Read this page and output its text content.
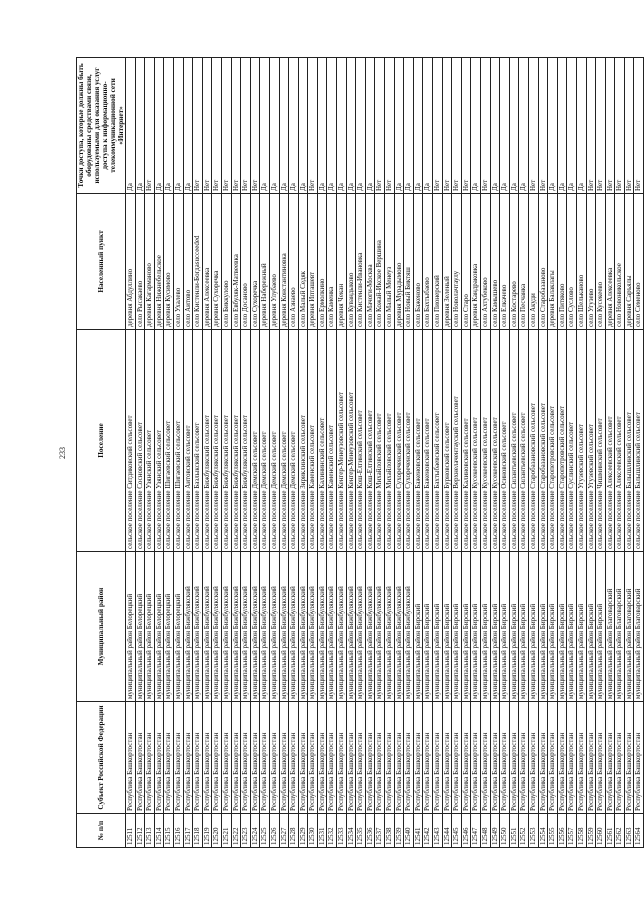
233
№ п/п	Субъект Российской Федерации	Муниципальный район	Поселение	Населенный пункт	Точки доступа, которые должны быть оборудованы средствами связи, используемыми для оказания услуг доступа к информационно-телекоммуникационной сети «Интернет»
12511	Республика Башкортостан	муниципальный район Белорецкий	сельское поселение Ситдиковский сельсовет	деревня Абдуллино	Да
12512	Республика Башкортостан	муниципальный район Белорецкий	сельское поселение Сосновский сельсовет	село Рысакаево	Да
12513	Республика Башкортостан	муниципальный район Белорецкий	сельское поселение Узянский сельсовет	деревня Кагарманово	Нет
12514	Республика Башкортостан	муниципальный район Белорецкий	сельское поселение Узянский сельсовет	деревня Нижнебельское	Да
12515	Республика Башкортостан	муниципальный район Белорецкий	сельское поселение Шигаевский сельсовет	деревня Кусимово	Да
12516	Республика Башкортостан	муниципальный район Белорецкий	сельское поселение Шигаевский сельсовет	село Ухалево	Да
12517	Республика Башкортостан	муниципальный район Бижбулякский	сельское поселение Аитовский сельсовет	село Аитово	Да
12518	Республика Башкортостан	муниципальный район Бижбулякский	сельское поселение Базлыкский сельсовет	село Кистенли-Богдаsucceeded	Нет
12519	Республика Башкортостан	муниципальный район Бижбулякский	сельское поселение Бижбулякский сельсовет	деревня Алексеевка	Нет
12520	Республика Башкортостан	муниципальный район Бижбулякский	сельское поселение Бижбулякский сельсовет	деревня Сухоречка	Нет
12521	Республика Башкортостан	муниципальный район Бижбулякский	сельское поселение Бижбулякский сельсовет	село Биккулово	Нет
12522	Республика Башкортостан	муниципальный район Бижбулякский	сельское поселение Бижбулякский сельсовет	село Евбуляк-Матвеевка	Нет
12523	Республика Башкортостан	муниципальный район Бижбулякский	сельское поселение Бижбулякский сельсовет	село Досаново	Нет
12524	Республика Башкортостан	муниципальный район Бижбулякский	сельское поселение Демский сельсовет	село Сухоречка	Нет
12525	Республика Башкортостан	муниципальный район Бижбулякский	сельское поселение Демский сельсовет	деревня Набережный	Да
12526	Республика Башкортостан	муниципальный район Бижбулякский	сельское поселение Демский сельсовет	деревня Улубаево	Да
12527	Республика Башкортостан	муниципальный район Бижбулякский	сельское поселение Демский сельсовет	деревня Константиновка	Да
12528	Республика Башкортостан	муниципальный район Бижбулякский	сельское поселение Демский сельсовет	село Азнаево	Да
12529	Республика Башкортостан	муниципальный район Бижбулякский	сельское поселение Зириклинский сельсовет	село Малый Седяк	Да
12530	Республика Башкортостан	муниципальный район Бижбулякский	сельское поселение Каменский сельсовет	деревня Ипташевт	Нет
12531	Республика Башкортостан	муниципальный район Бижбулякский	сельское поселение Калининский сельсовет	село Ермолкино	Да
12532	Республика Башкортостан	муниципальный район Бижбулякский	сельское поселение Каменский сельсовет	село Каменка	Да
12533	Республика Башкортостан	муниципальный район Бижбулякский	сельское поселение Кенгер-Менеузовский сельсовет	деревня Чекан	Да
12534	Республика Башкортостан	муниципальный район Бижбулякский	сельское поселение Кенгер-Менеузовский сельсовет	село Кувандыково	Да
12535	Республика Башкортостан	муниципальный район Бижбулякский	сельское поселение Кош-Елгинский сельсовет	село Кистенли-Ивановка	Да
12536	Республика Башкортостан	муниципальный район Бижбулякский	сельское поселение Кош-Елгинский сельсовет	село Мачоги-Москва	Да
12537	Республика Башкортостан	муниципальный район Бижбулякский	сельское поселение Михайловский сельсовет	село Кожай-Икское Вершина	Нет
12538	Республика Башкортостан	муниципальный район Бижбулякский	сельское поселение Михайловский сельсовет	село Малый Менеуз	Нет
12539	Республика Башкортостан	муниципальный район Бижбулякский	сельское поселение Сухореченский сельсовет	деревня Мурадымово	Да
12540	Республика Башкортостан	муниципальный район Бижбулякский	сельское поселение Сухореченский сельсовет	село Новый Биктяш	Да
12541	Республика Башкортостан	муниципальный район Бирский	сельское поселение Баженовский сельсовет	село Баженово	Да
12542	Республика Башкортостан	муниципальный район Бирский	сельское поселение Баженовский сельсовет	село Бахтыбаево	Да
12543	Республика Башкортостан	муниципальный район Бирский	сельское поселение Бахтыбаевский сельсовет	село Пионерский	Нет
12544	Республика Башкортостан	муниципальный район Бирский	сельское поселение Бурновский сельсовет	деревня Зеленый	Нет
12545	Республика Башкортостан	муниципальный район Бирский	сельское поселение Верхнелачентауский сельсовет	село Новолачтаулу	Нет
12546	Республика Башкортостан	муниципальный район Бирский	сельское поселение Калиновский сельсовет	село Старо	Нет
12547	Республика Башкортостан	муниципальный район Бирский	сельское поселение Кусекеевский сельсовет	деревня Кандраковка	Да
12548	Республика Башкортостан	муниципальный район Бирский	сельское поселение Кусекеевский сельсовет	село Ахтубеково	Нет
12549	Республика Башкортостан	муниципальный район Бирский	сельское поселение Кусекеевский сельсовет	село Камышево	Да
12550	Республика Башкортостан	муниципальный район Бирский	сельское поселение Осиновский сельсовет	село Елкачево	Да
12551	Республика Башкортостан	муниципальный район Бирский	сельское поселение Силантьевский сельсовет	село Костарево	Да
12552	Республика Башкортостан	муниципальный район Бирский	сельское поселение Силантьевский сельсовет	село Песчанка	Да
12553	Республика Башкортостан	муниципальный район Бирский	сельское поселение Старобазановский сельсовет	село Акуди	Нет
12554	Республика Башкортостан	муниципальный район Бирский	сельское поселение Старобазановский сельсовет	село Старобазаново	Нет
12555	Республика Башкортостан	муниципальный район Бирский	сельское поселение Старопетровский сельсовет	деревня Балаклагы	Да
12556	Республика Башкортостан	муниципальный район Бирский	сельское поселение Старопетровский сельсовет	село Питяково	Да
12557	Республика Башкортостан	муниципальный район Бирский	сельское поселение Суслинский сельсовет	село Суслово	Да
12558	Республика Башкортостан	муниципальный район Бирский	сельское поселение Угузевский сельсовет	село Шельканово	Да
12559	Республика Башкортостан	муниципальный район Бирский	сельское поселение Угузевский сельсовет	село Угузево	Нет
12560	Республика Башкортостан	муниципальный район Бирский	сельское поселение Чишминский сельсовет	село Кусекеево	Нет
12561	Республика Башкортостан	муниципальный район Благоварский	сельское поселение Алексеевский сельсовет	деревня Алексеевка	Нет
12562	Республика Башкортостан	муниципальный район Благоварский	сельское поселение Алексеевский сельсовет	село Новоникольское	Нет
12563	Республика Башкортостан	муниципальный район Благоварский	сельское поселение Балышлинский сельсовет	деревня Саръялы	Нет
12564	Республика Башкортостан	муниципальный район Благоварский	сельское поселение Балышлинский сельсовет	село Семеново	Нет
